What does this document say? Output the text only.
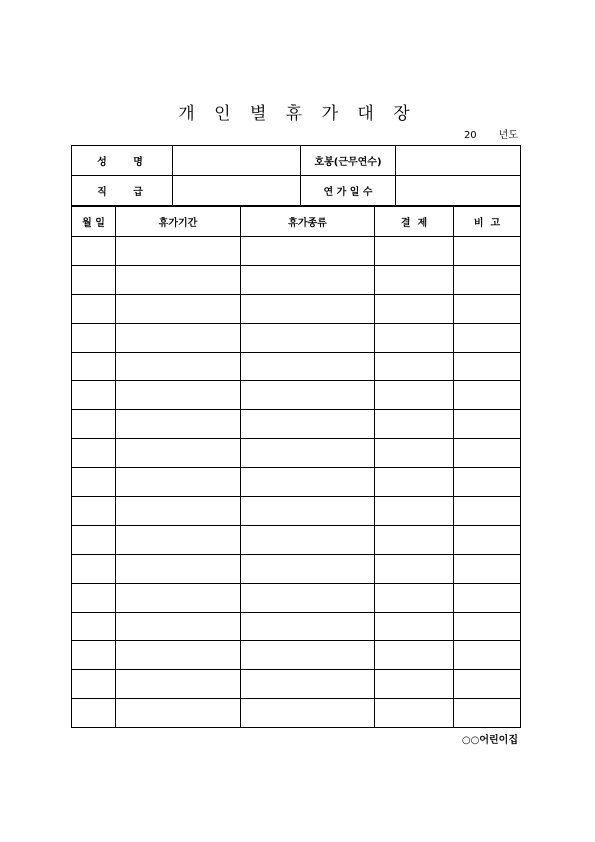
개 인 별 휴 가 대 장
20 년도
성   명		호봉(근무연수)	
직   급		연 가 일 수	
월 일	휴가기간	휴가종류	결  제	비  고

○○어린이집
